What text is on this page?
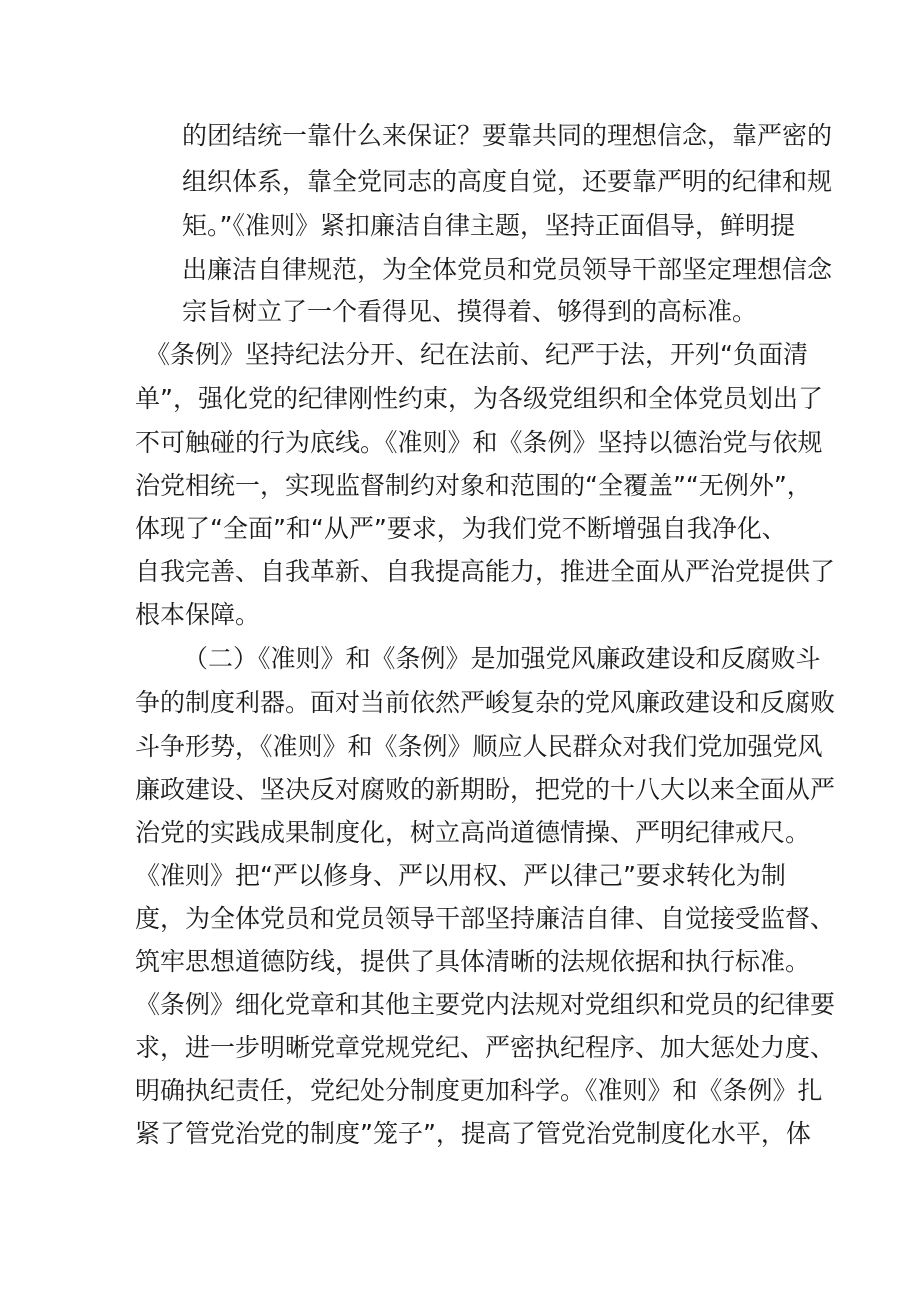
的团结统一靠什么来保证？要靠共同的理想信念，靠严密的

组织体系，靠全党同志的高度自觉，还要靠严明的纪律和规

矩。”《准则》紧扣廉洁自律主题，坚持正面倡导，鲜明提

出廉洁自律规范，为全体党员和党员领导干部坚定理想信念

宗旨树立了一个看得见、摸得着、够得到的高标准。

《条例》坚持纪法分开、纪在法前、纪严于法，开列“负面清

单”，强化党的纪律刚性约束，为各级党组织和全体党员划出了

不可触碰的行为底线。《准则》和《条例》坚持以德治党与依规

治党相统一，实现监督制约对象和范围的“全覆盖”“无例外”，

体现了“全面”和“从严”要求，为我们党不断增强自我净化、

自我完善、自我革新、自我提高能力，推进全面从严治党提供了

根本保障。

（二）《准则》和《条例》是加强党风廉政建设和反腐败斗

争的制度利器。面对当前依然严峻复杂的党风廉政建设和反腐败

斗争形势，《准则》和《条例》顺应人民群众对我们党加强党风

廉政建设、坚决反对腐败的新期盼，把党的十八大以来全面从严

治党的实践成果制度化，树立高尚道德情操、严明纪律戒尺。

《准则》把“严以修身、严以用权、严以律己”要求转化为制

度，为全体党员和党员领导干部坚持廉洁自律、自觉接受监督、

筑牢思想道德防线，提供了具体清晰的法规依据和执行标准。

《条例》细化党章和其他主要党内法规对党组织和党员的纪律要

求，进一步明晰党章党规党纪、严密执纪程序、加大惩处力度、

明确执纪责任，党纪处分制度更加科学。《准则》和《条例》扎

紧了管党治党的制度”笼子”，提高了管党治党制度化水平，体
